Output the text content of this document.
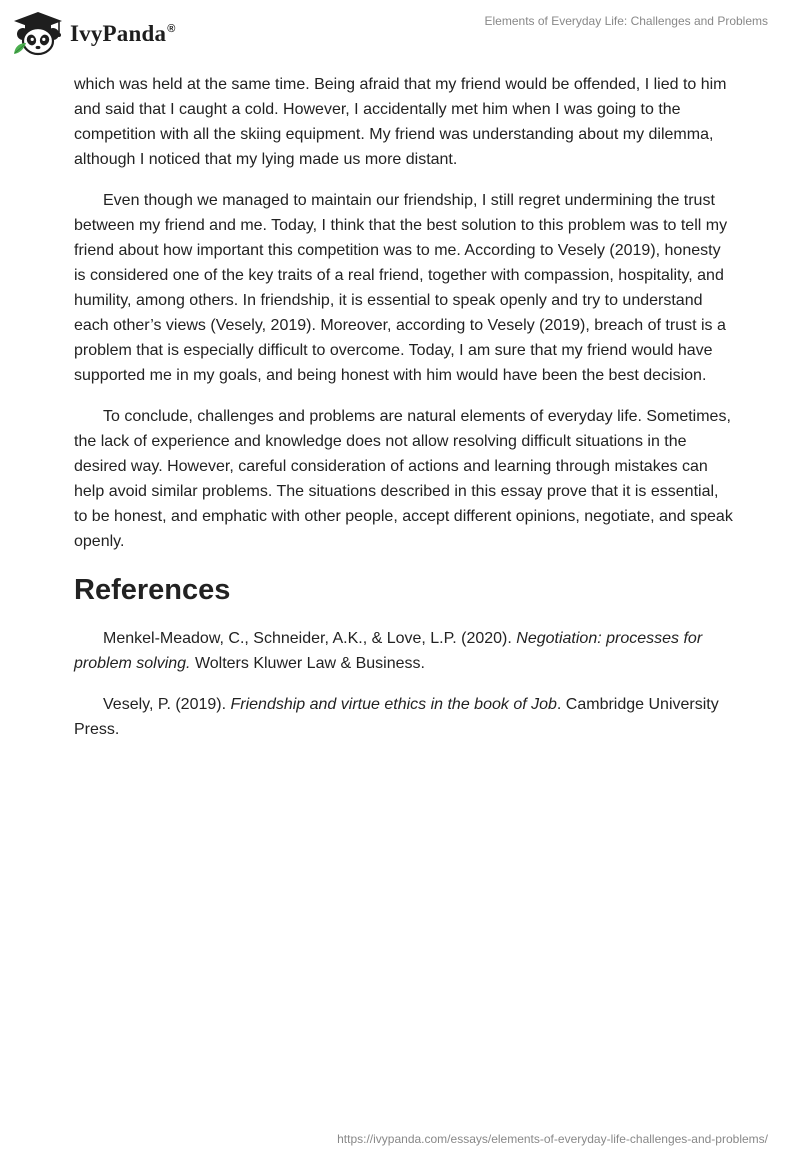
IvyPanda®
Elements of Everyday Life: Challenges and Problems

which was held at the same time. Being afraid that my friend would be offended, I lied to him and said that I caught a cold. However, I accidentally met him when I was going to the competition with all the skiing equipment. My friend was understanding about my dilemma, although I noticed that my lying made us more distant.

Even though we managed to maintain our friendship, I still regret undermining the trust between my friend and me. Today, I think that the best solution to this problem was to tell my friend about how important this competition was to me. According to Vesely (2019), honesty is considered one of the key traits of a real friend, together with compassion, hospitality, and humility, among others. In friendship, it is essential to speak openly and try to understand each other’s views (Vesely, 2019). Moreover, according to Vesely (2019), breach of trust is a problem that is especially difficult to overcome. Today, I am sure that my friend would have supported me in my goals, and being honest with him would have been the best decision.

To conclude, challenges and problems are natural elements of everyday life. Sometimes, the lack of experience and knowledge does not allow resolving difficult situations in the desired way. However, careful consideration of actions and learning through mistakes can help avoid similar problems. The situations described in this essay prove that it is essential, to be honest, and emphatic with other people, accept different opinions, negotiate, and speak openly.

References

Menkel-Meadow, C., Schneider, A.K., & Love, L.P. (2020). Negotiation: processes for problem solving. Wolters Kluwer Law & Business.

Vesely, P. (2019). Friendship and virtue ethics in the book of Job. Cambridge University Press.

https://ivypanda.com/essays/elements-of-everyday-life-challenges-and-problems/
